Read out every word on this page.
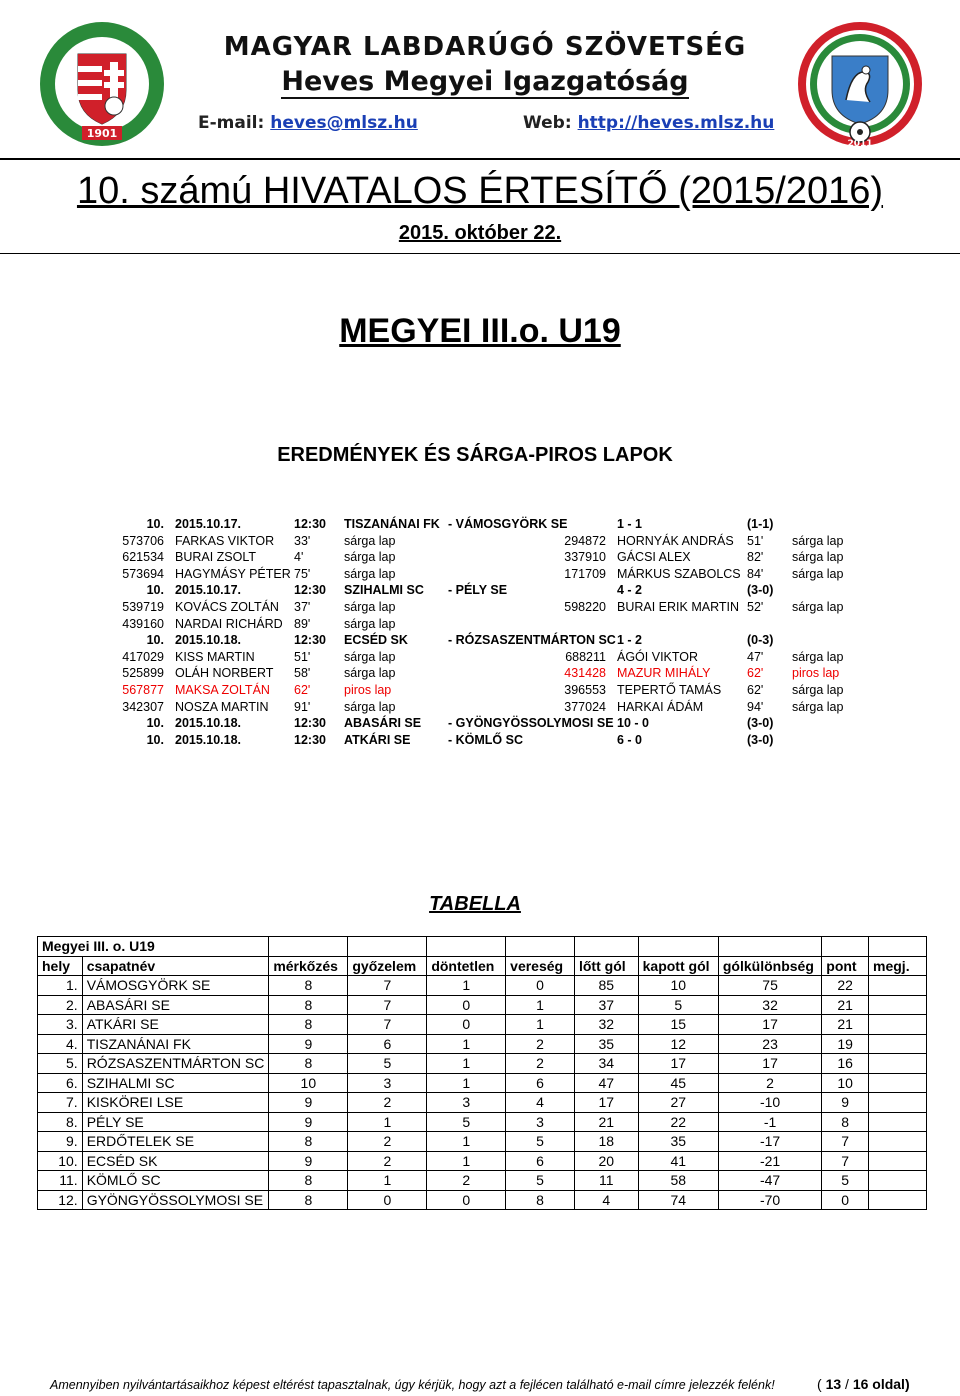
1901
2011
MAGYAR LABDARÚGÓ SZÖVETSÉG
Heves Megyei Igazgatóság
E-mail: heves@mlsz.hu	Web: http://heves.mlsz.hu
10. számú HIVATALOS ÉRTESÍTŐ (2015/2016)
2015. október 22.
MEGYEI III.o. U19
EREDMÉNYEK ÉS SÁRGA-PIROS LAPOK
10. 2015.10.17.	12:30 TISZANÁNAI FK - VÁMOSGYÖRK SE	1 - 1	(1-1)
573706 FARKAS VIKTOR 33'	sárga lap	294872 HORNYÁK ANDRÁS 51' sárga lap
621534 BURAI ZSOLT	4'	sárga lap	337910 GÁCSI ALEX	82' sárga lap
573694 HAGYMÁSY PÉTER 75'	sárga lap	171709 MÁRKUS SZABOLCS 84' sárga lap
10. 2015.10.17.	12:30 SZIHALMI SC - PÉLY SE	4 - 2	(3-0)
539719 KOVÁCS ZOLTÁN 37'	sárga lap	598220 BURAI ERIK MARTIN 52' sárga lap
439160 NARDAI RICHÁRD 89'	sárga lap
10. 2015.10.18.	12:30 ECSÉD SK	- RÓZSASZENTMÁRTON SC 1 - 2	(0-3)
417029 KISS MARTIN	51'	sárga lap	688211 ÁGÓI VIKTOR	47' sárga lap
525899 OLÁH NORBERT 58'	sárga lap	431428 MAZUR MIHÁLY	62' piros lap
567877 MAKSA ZOLTÁN 62'	piros lap	396553 TEPERTŐ TAMÁS 62' sárga lap
342307 NOSZA MARTIN 91'	sárga lap	377024 HARKAI ÁDÁM	94' sárga lap
10. 2015.10.18.	12:30 ABASÁRI SE - GYÖNGYÖSSOLYMOSI SE 10 - 0	(3-0)
10. 2015.10.18.	12:30 ATKÁRI SE	- KÖMLŐ SC	6 - 0	(3-0)
TABELLA
Megyei III. o. U19										
hely	csapatnév	mérkőzés	győzelem	döntetlen	vereség	lőtt gól	kapott gól	gólkülönbség	pont	megj.
1.	VÁMOSGYÖRK SE	8	7	1	0	85	10	75	22	
2.	ABASÁRI SE	8	7	0	1	37	5	32	21	
3.	ATKÁRI SE	8	7	0	1	32	15	17	21	
4.	TISZANÁNAI FK	9	6	1	2	35	12	23	19	
5.	RÓZSASZENTMÁRTON SC	8	5	1	2	34	17	17	16	
6.	SZIHALMI SC	10	3	1	6	47	45	2	10	
7.	KISKÖREI LSE	9	2	3	4	17	27	-10	9	
8.	PÉLY SE	9	1	5	3	21	22	-1	8	
9.	ERDŐTELEK SE	8	2	1	5	18	35	-17	7	
10.	ECSÉD SK	9	2	1	6	20	41	-21	7	
11.	KÖMLŐ SC	8	1	2	5	11	58	-47	5	
12.	GYÖNGYÖSSOLYMOSI SE	8	0	0	8	4	74	-70	0	
Amennyiben nyilvántartásaikhoz képest eltérést tapasztalnak, úgy kérjük, hogy azt a fejlécen található e-mail címre jelezzék felénk!	( 13 / 16 oldal)
